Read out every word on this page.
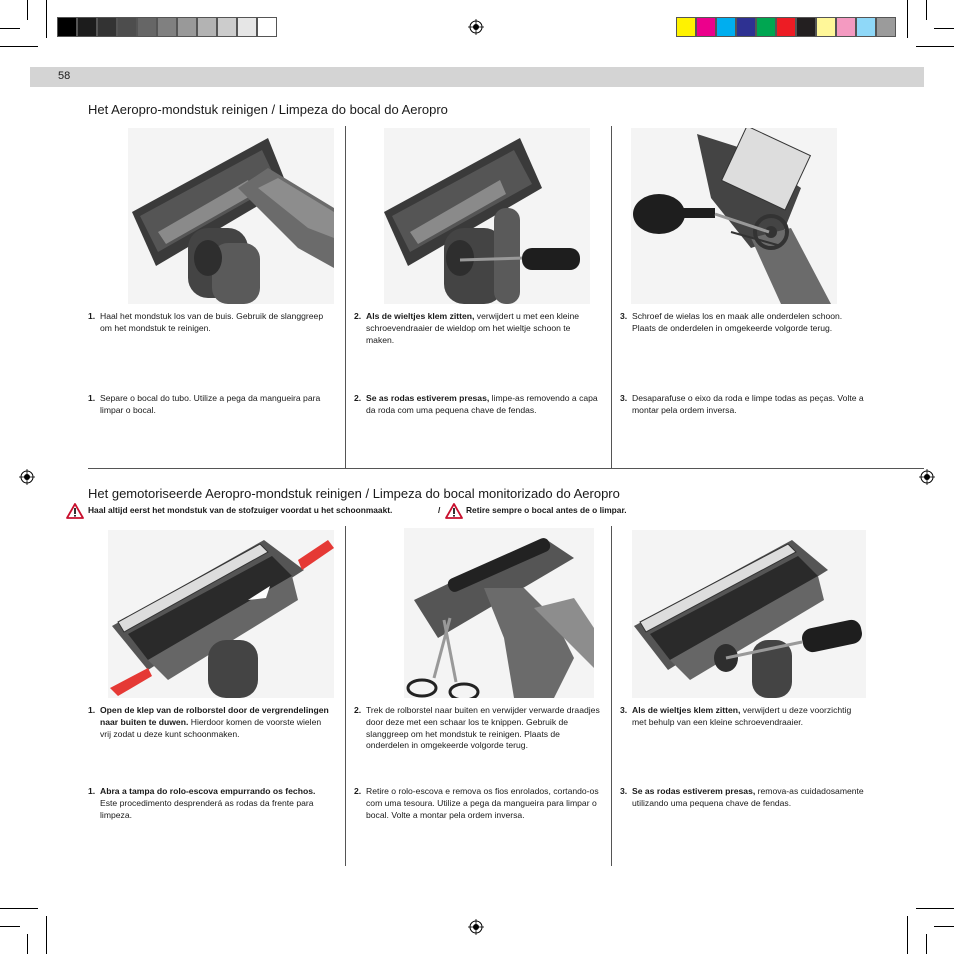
58
Het Aeropro-mondstuk reinigen / Limpeza do bocal do Aeropro
1. Haal het mondstuk los van de buis. Gebruik de slanggreep om het mondstuk te reinigen.
1. Separe o bocal do tubo. Utilize a pega da mangueira para limpar o bocal.
2. Als de wieltjes klem zitten, verwijdert u met een kleine schroevendraaier de wieldop om het wieltje schoon te maken.
2. Se as rodas estiverem presas, limpe-as removendo a capa da roda com uma pequena chave de fendas.
3. Schroef de wielas los en maak alle onderdelen schoon. Plaats de onderdelen in omgekeerde volgorde terug.
3. Desaparafuse o eixo da roda e limpe todas as peças. Volte a montar pela ordem inversa.
Het gemotoriseerde Aeropro-mondstuk reinigen / Limpeza do bocal monitorizado do Aeropro
Haal altijd eerst het mondstuk van de stofzuiger voordat u het schoonmaakt.	/	Retire sempre o bocal antes de o limpar.
1. Open de klep van de rolborstel door de vergrendelingen naar buiten te duwen. Hierdoor komen de voorste wielen vrij zodat u deze kunt schoonmaken.
1. Abra a tampa do rolo-escova empurrando os fechos. Este procedimento desprenderá as rodas da frente para limpeza.
2. Trek de rolborstel naar buiten en verwijder verwarde draadjes door deze met een schaar los te knippen. Gebruik de slanggreep om het mondstuk te reinigen. Plaats de onderdelen in omgekeerde volgorde terug.
2. Retire o rolo-escova e remova os fios enrolados, cortando-os com uma tesoura. Utilize a pega da mangueira para limpar o bocal. Volte a montar pela ordem inversa.
3. Als de wieltjes klem zitten, verwijdert u deze voorzichtig met behulp van een kleine schroevendraaier.
3. Se as rodas estiverem presas, remova-as cuidadosamente utilizando uma pequena chave de fendas.
